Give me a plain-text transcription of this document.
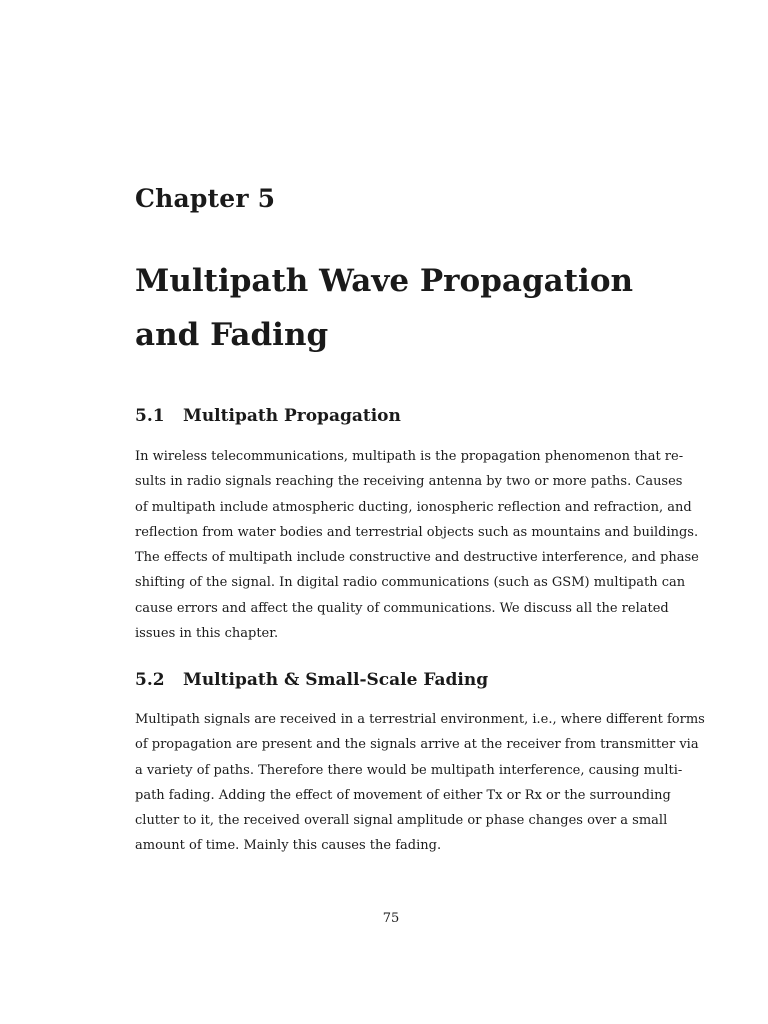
Chapter 5
Multipath Wave Propagation
and Fading
5.1 Multipath Propagation
In wireless telecommunications, multipath is the propagation phenomenon that re-
sults in radio signals reaching the receiving antenna by two or more paths. Causes
of multipath include atmospheric ducting, ionospheric reflection and refraction, and
reflection from water bodies and terrestrial objects such as mountains and buildings.
The effects of multipath include constructive and destructive interference, and phase
shifting of the signal. In digital radio communications (such as GSM) multipath can
cause errors and affect the quality of communications. We discuss all the related
issues in this chapter.
5.2 Multipath & Small-Scale Fading
Multipath signals are received in a terrestrial environment, i.e., where different forms
of propagation are present and the signals arrive at the receiver from transmitter via
a variety of paths. Therefore there would be multipath interference, causing multi-
path fading. Adding the effect of movement of either Tx or Rx or the surrounding
clutter to it, the received overall signal amplitude or phase changes over a small
amount of time. Mainly this causes the fading.
75
